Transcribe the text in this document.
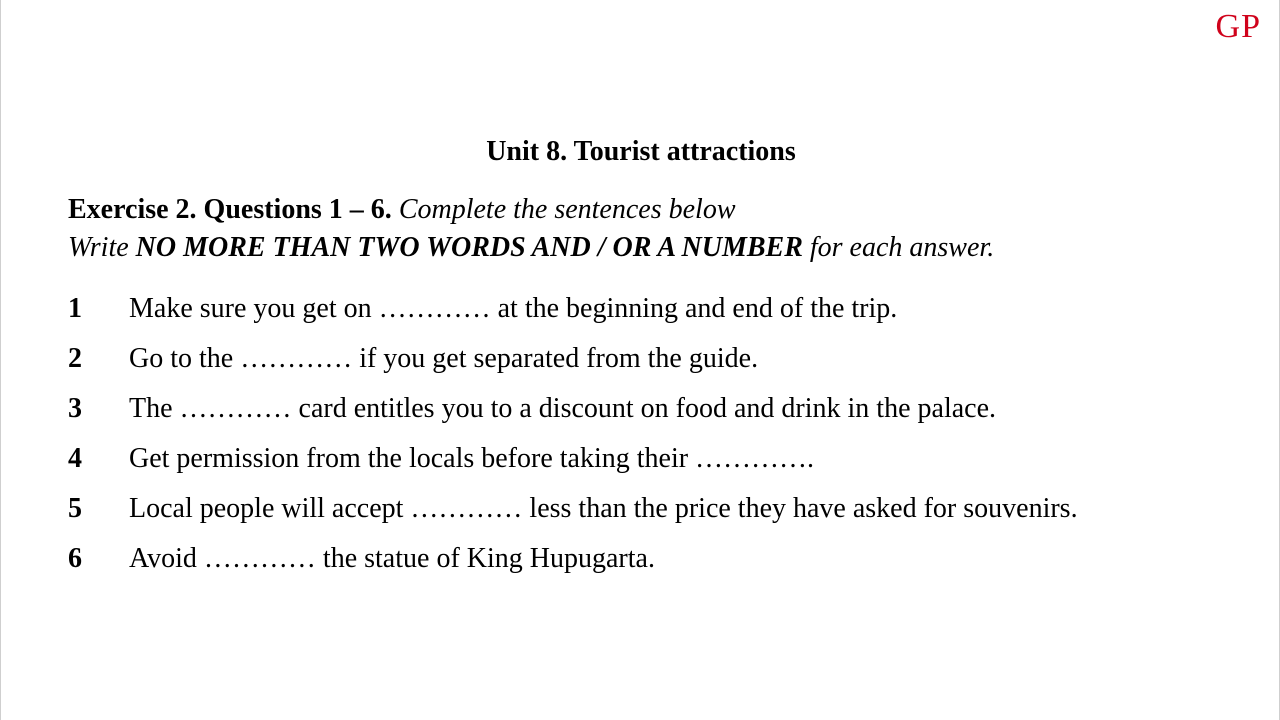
GP
Unit 8. Tourist attractions
Exercise 2. Questions 1 – 6. Complete the sentences below
Write NO MORE THAN TWO WORDS AND / OR A NUMBER for each answer.
1 Make sure you get on ………… at the beginning and end of the trip.
2 Go to the ………… if you get separated from the guide.
3 The ………… card entitles you to a discount on food and drink in the palace.
4 Get permission from the locals before taking their ………….
5 Local people will accept ………… less than the price they have asked for souvenirs.
6 Avoid ………… the statue of King Hupugarta.
